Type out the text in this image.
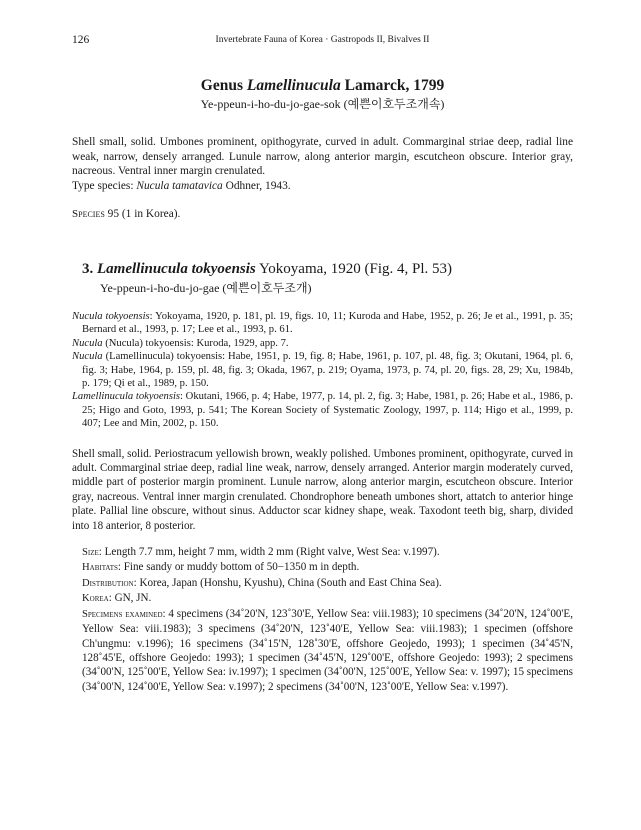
126	Invertebrate Fauna of Korea · Gastropods II, Bivalves II
Genus Lamellinucula Lamarck, 1799
Ye-ppeun-i-ho-du-jo-gae-sok (예쁜이호두조개속)

Shell small, solid. Umbones prominent, opithogyrate, curved in adult. Commarginal striae deep, radial line weak, narrow, densely arranged. Lunule narrow, along anterior margin, escutcheon obscure. Interior gray, nacreous. Ventral inner margin crenulated.

Type species: Nucula tamatavica Odhner, 1943.

Species 95 (1 in Korea).

3. Lamellinucula tokyoensis Yokoyama, 1920 (Fig. 4, Pl. 53)
Ye-ppeun-i-ho-du-jo-gae (예쁜이호두조개)

Nucula tokyoensis: Yokoyama, 1920, p. 181, pl. 19, figs. 10, 11; Kuroda and Habe, 1952, p. 26; Je et al., 1991, p. 35; Bernard et al., 1993, p. 17; Lee et al., 1993, p. 61.

Nucula (Nucula) tokyoensis: Kuroda, 1929, app. 7.

Nucula (Lamellinucula) tokyoensis: Habe, 1951, p. 19, fig. 8; Habe, 1961, p. 107, pl. 48, fig. 3; Okutani, 1964, pl. 6, fig. 3; Habe, 1964, p. 159, pl. 48, fig. 3; Okada, 1967, p. 219; Oyama, 1973, p. 74, pl. 20, figs. 28, 29; Xu, 1984b, p. 179; Qi et al., 1989, p. 150.

Lamellinucula tokyoensis: Okutani, 1966, p. 4; Habe, 1977, p. 14, pl. 2, fig. 3; Habe, 1981, p. 26; Habe et al., 1986, p. 25; Higo and Goto, 1993, p. 541; The Korean Society of Systematic Zoology, 1997, p. 114; Higo et al., 1999, p. 407; Lee and Min, 2002, p. 150.

Shell small, solid. Periostracum yellowish brown, weakly polished. Umbones prominent, opithogyrate, curved in adult. Commarginal striae deep, radial line weak, narrow, densely arranged. Anterior margin moderately curved, middle part of posterior margin prominent. Lunule narrow, along anterior margin, escutcheon obscure. Interior gray, nacreous. Ventral inner margin crenulated. Chondrophore beneath umbones short, attatch to anterior hinge plate. Pallial line obscure, without sinus. Adductor scar kidney shape, weak. Taxodont teeth big, sharp, divided into 18 anterior, 8 posterior.

Size: Length 7.7 mm, height 7 mm, width 2 mm (Right valve, West Sea: v.1997).

Habitats: Fine sandy or muddy bottom of 50−1350 m in depth.

Distribution: Korea, Japan (Honshu, Kyushu), China (South and East China Sea).

Korea: GN, JN.

Specimens examined: 4 specimens (34˚20'N, 123˚30'E, Yellow Sea: viii.1983); 10 specimens (34˚20'N, 124˚00'E, Yellow Sea: viii.1983); 3 specimens (34˚20'N, 123˚40'E, Yellow Sea: viii.1983); 1 specimen (offshore Ch'ungmu: v.1996); 16 specimens (34˚15'N, 128˚30'E, offshore Geojedo, 1993); 1 specimen (34˚45'N, 128˚45'E, offshore Geojedo: 1993); 1 specimen (34˚45'N, 129˚00'E, offshore Geojedo: 1993); 2 specimens (34˚00'N, 125˚00'E, Yellow Sea: iv.1997); 1 specimen (34˚00'N, 125˚00'E, Yellow Sea: v. 1997); 15 specimens (34˚00'N, 124˚00'E, Yellow Sea: v.1997); 2 specimens (34˚00'N, 123˚00'E, Yellow Sea: v.1997).
